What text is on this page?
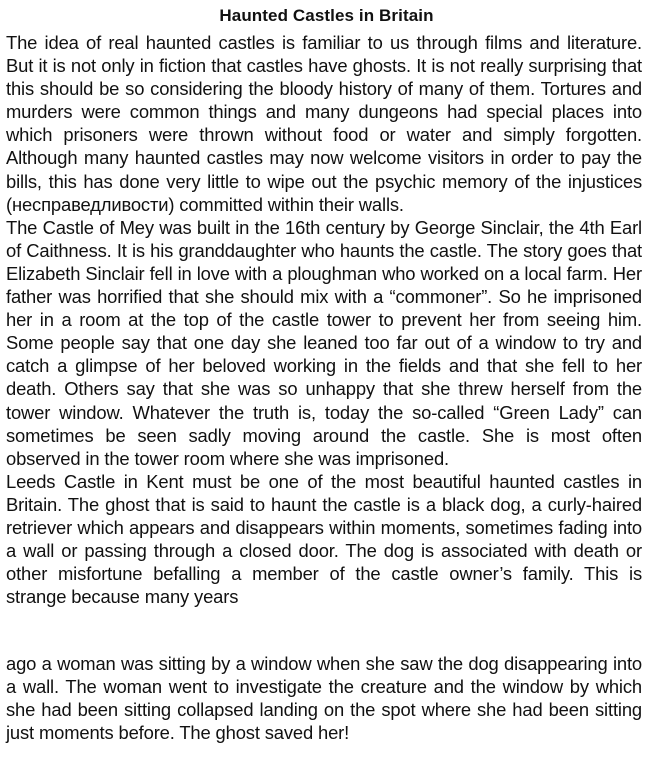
Haunted Castles in Britain

The idea of real haunted castles is familiar to us through films and literature. But it is not only in fiction that castles have ghosts. It is not really surprising that this should be so considering the bloody history of many of them. Tortures and murders were common things and many dungeons had special places into which prisoners were thrown without food or water and simply forgotten. Although many haunted castles may now welcome visitors in order to pay the bills, this has done very little to wipe out the psychic memory of the injustices (несправедливости) committed within their walls.

The Castle of Mey was built in the 16th century by George Sinclair, the 4th Earl of Caithness. It is his granddaughter who haunts the castle. The story goes that Elizabeth Sinclair fell in love with a ploughman who worked on a local farm. Her father was horrified that she should mix with a “commoner”. So he imprisoned her in a room at the top of the castle tower to prevent her from seeing him. Some people say that one day she leaned too far out of a window to try and catch a glimpse of her beloved working in the fields and that she fell to her death. Others say that she was so unhappy that she threw herself from the tower window. Whatever the truth is, today the so-called “Green Lady” can sometimes be seen sadly moving around the castle. She is most often observed in the tower room where she was imprisoned.

Leeds Castle in Kent must be one of the most beautiful haunted castles in Britain. The ghost that is said to haunt the castle is a black dog, a curly-haired retriever which appears and disappears within moments, sometimes fading into a wall or passing through a closed door. The dog is associated with death or other misfortune befalling a member of the castle owner’s family. This is strange because many years

ago a woman was sitting by a window when she saw the dog disappearing into a wall. The woman went to investigate the creature and the window by which she had been sitting collapsed landing on the spot where she had been sitting just moments before. The ghost saved her!
